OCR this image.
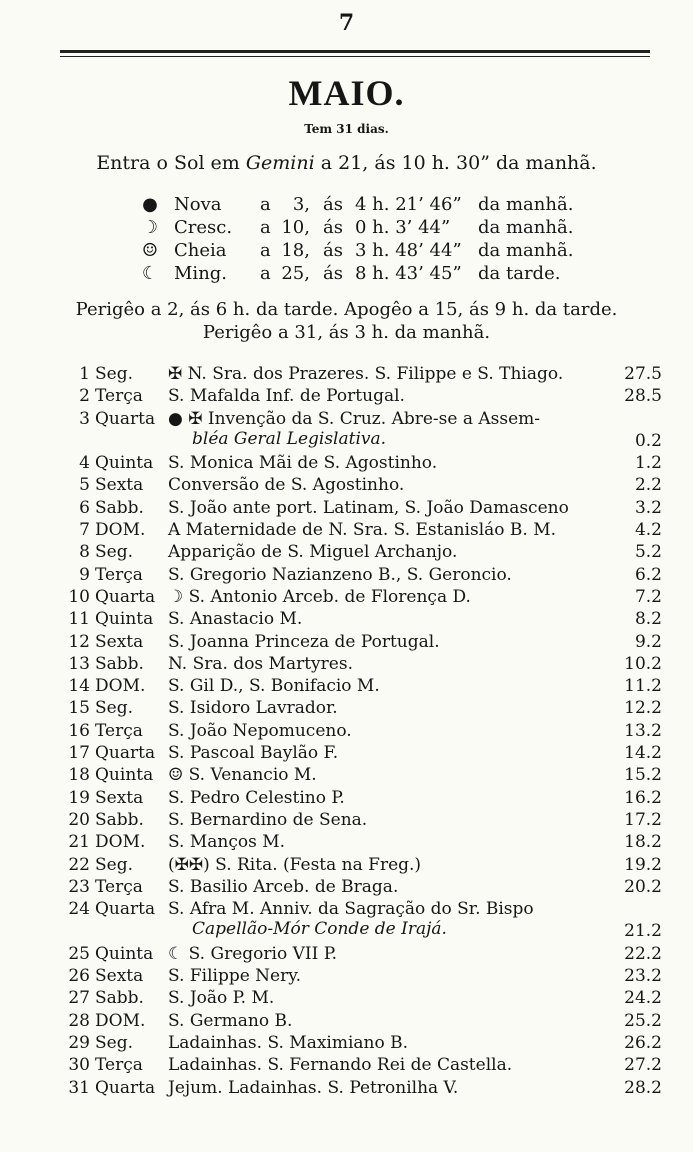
7
MAIO.
Tem 31 dias.
Entra o Sol em Gemini a 21, ás 10 h. 30” da manhã.
● Nova a	3, ás 4 h. 21’ 46” da manhã.
☽ Cresc. a 10, ás 0 h. 3’ 44” da manhã.
☺ Cheia a 18, ás 3 h. 48’ 44” da manhã.
☾ Ming. a 25, ás 8 h. 43’ 45” da tarde.
Perigêo a 2, ás 6 h. da tarde. Apogêo a 15, ás 9 h. da tarde.
Perigêo a 31, ás 3 h. da manhã.
1 Seg. ✠ N. Sra. dos Prazeres. S. Filippe e S. Thiago.	27.5
2 Terça S. Mafalda Inf. de Portugal.	28.5
3 Quarta ● ✠ Invenção da S. Cruz. Abre-se a Assem-
bléa Geral Legislativa.	0.2
4 Quinta S. Monica Mãi de S. Agostinho.	1.2
5 Sexta Conversão de S. Agostinho.	2.2
6 Sabb. S. João ante port. Latinam, S. João Damasceno	3.2
7 DOM. A Maternidade de N. Sra. S. Estanisláo B. M.	4.2
8 Seg. Apparição de S. Miguel Archanjo.	5.2
9 Terça S. Gregorio Nazianzeno B., S. Geroncio.	6.2
10 Quarta ☽ S. Antonio Arceb. de Florença D.	7.2
11 Quinta S. Anastacio M.	8.2
12 Sexta S. Joanna Princeza de Portugal.	9.2
13 Sabb. N. Sra. dos Martyres.	10.2
14 DOM. S. Gil D., S. Bonifacio M.	11.2
15 Seg. S. Isidoro Lavrador.	12.2
16 Terça S. João Nepomuceno.	13.2
17 Quarta S. Pascoal Baylão F.	14.2
18 Quinta ☺ S. Venancio M.	15.2
19 Sexta S. Pedro Celestino P.	16.2
20 Sabb. S. Bernardino de Sena.	17.2
21 DOM. S. Manços M.	18.2
22 Seg. (✠✠) S. Rita. (Festa na Freg.)	19.2
23 Terça S. Basilio Arceb. de Braga.	20.2
24 Quarta S. Afra M. Anniv. da Sagração do Sr. Bispo
Capellão-Mór Conde de Irajá.	21.2
25 Quinta ☾ S. Gregorio VII P.	22.2
26 Sexta S. Filippe Nery.	23.2
27 Sabb. S. João P. M.	24.2
28 DOM. S. Germano B.	25.2
29 Seg. Ladainhas. S. Maximiano B.	26.2
30 Terça Ladainhas. S. Fernando Rei de Castella.	27.2
31 Quarta Jejum. Ladainhas. S. Petronilha V.	28.2
